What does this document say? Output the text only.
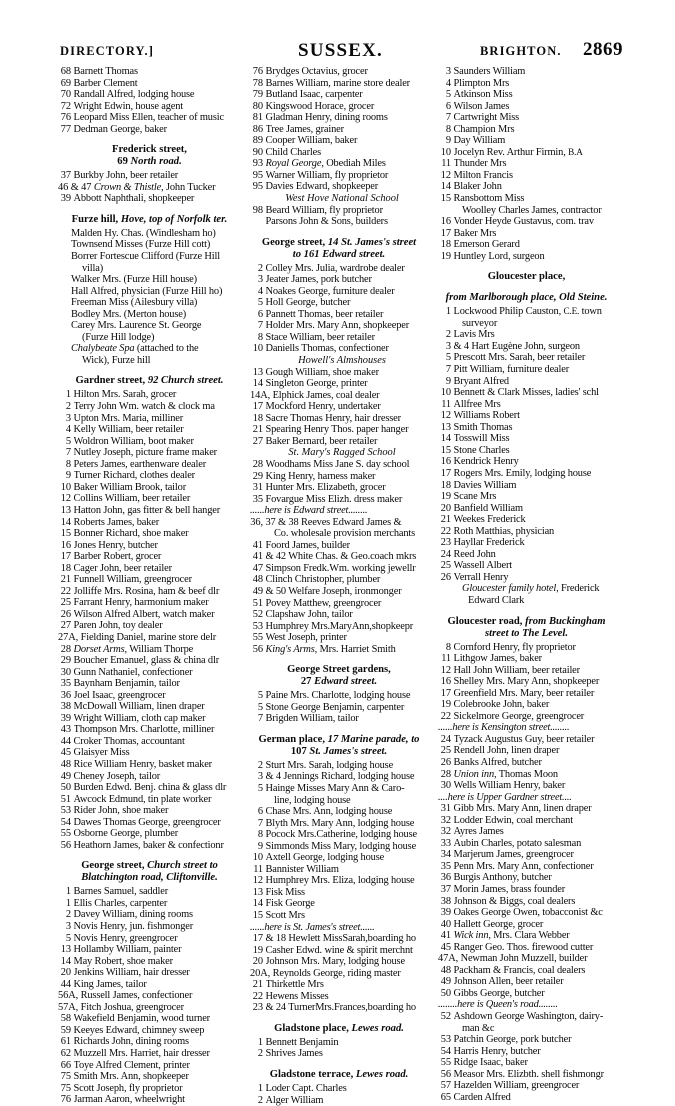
DIRECTORY.]	SUSSEX.	BRIGHTON. 2869
68 Barnett Thomas
69 Barber Clement
70 Randall Alfred, lodging house
72 Wright Edwin, house agent
76 Leopard Miss Ellen, teacher of music
77 Dedman George, baker
Frederick street,
69 North road.
37 Burkby John, beer retailer
46 & 47 Crown & Thistle, John Tucker
39 Abbott Naphthali, shopkeeper
Furze hill, Hove, top of Norfolk ter.
Malden Hy. Chas. (Windlesham ho)
Townsend Misses (Furze Hill cott)
Borrer Fortescue Clifford (Furze Hill
villa)
Walker Mrs. (Furze Hill house)
Hall Alfred, physician (Furze Hill ho)
Freeman Miss (Ailesbury villa)
Bodley Mrs. (Merton house)
Carey Mrs. Laurence St. George
(Furze Hill lodge)
Chalybeate Spa (attached to the
Wick), Furze hill
Gardner street, 92 Church street.
1 Hilton Mrs. Sarah, grocer
2 Terry John Wm. watch & clock ma
3 Upton Mrs. Maria, milliner
4 Kelly William, beer retailer
5 Woldron William, boot maker
7 Nutley Joseph, picture frame maker
8 Peters James, earthenware dealer
9 Turner Richard, clothes dealer
10 Baker William Brook, tailor
12 Collins William, beer retailer
13 Hatton John, gas fitter & bell hanger
14 Roberts James, baker
15 Bonner Richard, shoe maker
16 Jones Henry, butcher
17 Barber Robert, grocer
18 Cager John, beer retailer
21 Funnell William, greengrocer
22 Jolliffe Mrs. Rosina, ham & beef dlr
25 Farrant Henry, harmonium maker
26 Wilson Alfred Albert, watch maker
27 Paren John, toy dealer
27A, Fielding Daniel, marine store delr
28 Dorset Arms, William Thorpe
29 Boucher Emanuel, glass & china dlr
30 Gunn Nathaniel, confectioner
35 Baynham Benjamin, tailor
36 Joel Isaac, greengrocer
38 McDowall William, linen draper
39 Wright William, cloth cap maker
43 Thompson Mrs. Charlotte, milliner
44 Croker Thomas, accountant
45 Glaisyer Miss
48 Rice William Henry, basket maker
49 Cheney Joseph, tailor
50 Burden Edwd. Benj. china & glass dlr
51 Awcock Edmund, tin plate worker
53 Rider John, shoe maker
54 Dawes Thomas George, greengrocer
55 Osborne George, plumber
56 Heathorn James, baker & confectionr
George street, Church street to
Blatchington road, Cliftonville.
1 Barnes Samuel, saddler
1 Ellis Charles, carpenter
2 Davey William, dining rooms
3 Novis Henry, jun. fishmonger
5 Novis Henry, greengrocer
13 Hollamby William, painter
14 May Robert, shoe maker
20 Jenkins William, hair dresser
44 King James, tailor
56A, Russell James, confectioner
57A, Fitch Joshua, greengrocer
58 Wakefield Benjamin, wood turner
59 Keeyes Edward, chimney sweep
61 Richards John, dining rooms
62 Muzzell Mrs. Harriet, hair dresser
66 Toye Alfred Clement, printer
75 Smith Mrs. Ann, shopkeeper
75 Scott Joseph, fly proprietor
76 Jarman Aaron, wheelwright
76 Brydges Octavius, grocer
78 Barnes William, marine store dealer
79 Butland Isaac, carpenter
80 Kingswood Horace, grocer
81 Gladman Henry, dining rooms
86 Tree James, grainer
89 Cooper William, baker
90 Child Charles
93 Royal George, Obediah Miles
95 Warner William, fly proprietor
95 Davies Edward, shopkeeper
West Hove National School
98 Beard William, fly proprietor
Parsons John & Sons, builders
George street, 14 St. James's street
to 161 Edward street.
2 Colley Mrs. Julia, wardrobe dealer
3 Jeater James, pork butcher
4 Noakes George, furniture dealer
5 Holl George, butcher
6 Pannett Thomas, beer retailer
7 Holder Mrs. Mary Ann, shopkeeper
8 Stace William, beer retailer
10 Daniells Thomas, confectioner
Howell's Almshouses
13 Gough William, shoe maker
14 Singleton George, printer
14A, Elphick James, coal dealer
17 Mockford Henry, undertaker
18 Sacre Thomas Henry, hair dresser
21 Spearing Henry Thos. paper hanger
27 Baker Bernard, beer retailer
St. Mary's Ragged School
28 Woodhams Miss Jane S. day school
29 King Henry, harness maker
31 Hunter Mrs. Elizabeth, grocer
35 Fovargue Miss Elizh. dress maker
......here is Edward street........
36, 37 & 38 Reeves Edward James &
Co. wholesale provision merchants
41 Foord James, builder
41 & 42 White Chas. & Geo.coach mkrs
47 Simpson Fredk.Wm. working jewellr
48 Clinch Christopher, plumber
49 & 50 Welfare Joseph, ironmonger
51 Povey Matthew, greengrocer
52 Clapshaw John, tailor
53 Humphrey Mrs.MaryAnn,shopkeepr
55 West Joseph, printer
56 King's Arms, Mrs. Harriet Smith
George Street gardens,
27 Edward street.
5 Paine Mrs. Charlotte, lodging house
5 Stone George Benjamin, carpenter
7 Brigden William, tailor
German place, 17 Marine parade, to
107 St. James's street.
2 Sturt Mrs. Sarah, lodging house
3 & 4 Jennings Richard, lodging house
5 Hainge Misses Mary Ann & Caro-
line, lodging house
6 Chase Mrs. Ann, lodging house
7 Blyth Mrs. Mary Ann, lodging house
8 Pocock Mrs.Catherine, lodging house
9 Simmonds Miss Mary, lodging house
10 Axtell George, lodging house
11 Bannister William
12 Humphrey Mrs. Eliza, lodging house
13 Fisk Miss
14 Fisk George
15 Scott Mrs
......here is St. James's street......
17 & 18 Hewlett MissSarah,boarding ho
19 Casher Edwd. wine & spirit merchnt
20 Johnson Mrs. Mary, lodging house
20A, Reynolds George, riding master
21 Thirkettle Mrs
22 Hewens Misses
23 & 24 TurnerMrs.Frances,boarding ho
Gladstone place, Lewes road.
1 Bennett Benjamin
2 Shrives James
Gladstone terrace, Lewes road.
1 Loder Capt. Charles
2 Alger William
3 Saunders William
4 Plimpton Mrs
5 Atkinson Miss
6 Wilson James
7 Cartwright Miss
8 Champion Mrs
9 Day William
10 Jocelyn Rev. Arthur Firmin, B.A
11 Thunder Mrs
12 Milton Francis
14 Blaker John
15 Ransbottom Miss
Woolley Charles James, contractor
16 Vonder Heyde Gustavus, com. trav
17 Baker Mrs
18 Emerson Gerard
19 Huntley Lord, surgeon
Gloucester place,
from Marlborough place, Old Steine.
1 Lockwood Philip Causton, C.E. town
surveyor
2 Lavis Mrs
3 & 4 Hart Eugène John, surgeon
5 Prescott Mrs. Sarah, beer retailer
7 Pitt William, furniture dealer
9 Bryant Alfred
10 Bennett & Clark Misses, ladies' schl
11 Allfree Mrs
12 Williams Robert
13 Smith Thomas
14 Tosswill Miss
15 Stone Charles
16 Kendrick Henry
17 Rogers Mrs. Emily, lodging house
18 Davies William
19 Scane Mrs
20 Banfield William
21 Weekes Frederick
22 Roth Matthias, physician
23 Hayllar Frederick
24 Reed John
25 Wassell Albert
26 Verrall Henry
Gloucester family hotel, Frederick
Edward Clark
Gloucester road, from Buckingham
street to The Level.
8 Cornford Henry, fly proprietor
11 Lithgow James, baker
12 Hall John William, beer retailer
16 Shelley Mrs. Mary Ann, shopkeeper
17 Greenfield Mrs. Mary, beer retailer
19 Colebrooke John, baker
22 Sickelmore George, greengrocer
......here is Kensington street........
24 Tyzack Augustus Guy, beer retailer
25 Rendell John, linen draper
26 Banks Alfred, butcher
28 Union inn, Thomas Moon
30 Wells William Henry, baker
....here is Upper Gardner street....
31 Gibb Mrs. Mary Ann, linen draper
32 Lodder Edwin, coal merchant
32 Ayres James
33 Aubin Charles, potato salesman
34 Marjerum James, greengrocer
35 Penn Mrs. Mary Ann, confectioner
36 Burgis Anthony, butcher
37 Morin James, brass founder
38 Johnson & Biggs, coal dealers
39 Oakes George Owen, tobacconist &c
40 Hallett George, grocer
41 Wick inn, Mrs. Clara Webber
45 Ranger Geo. Thos. firewood cutter
47A, Newman John Muzzell, builder
48 Packham & Francis, coal dealers
49 Johnson Allen, beer retailer
50 Gibbs George, butcher
........here is Queen's road........
52 Ashdown George Washington, dairy-
man &c
53 Patchin George, pork butcher
54 Harris Henry, butcher
55 Ridge Isaac, baker
56 Measor Mrs. Elizbth. shell fishmongr
57 Hazelden William, greengrocer
65 Carden Alfred
